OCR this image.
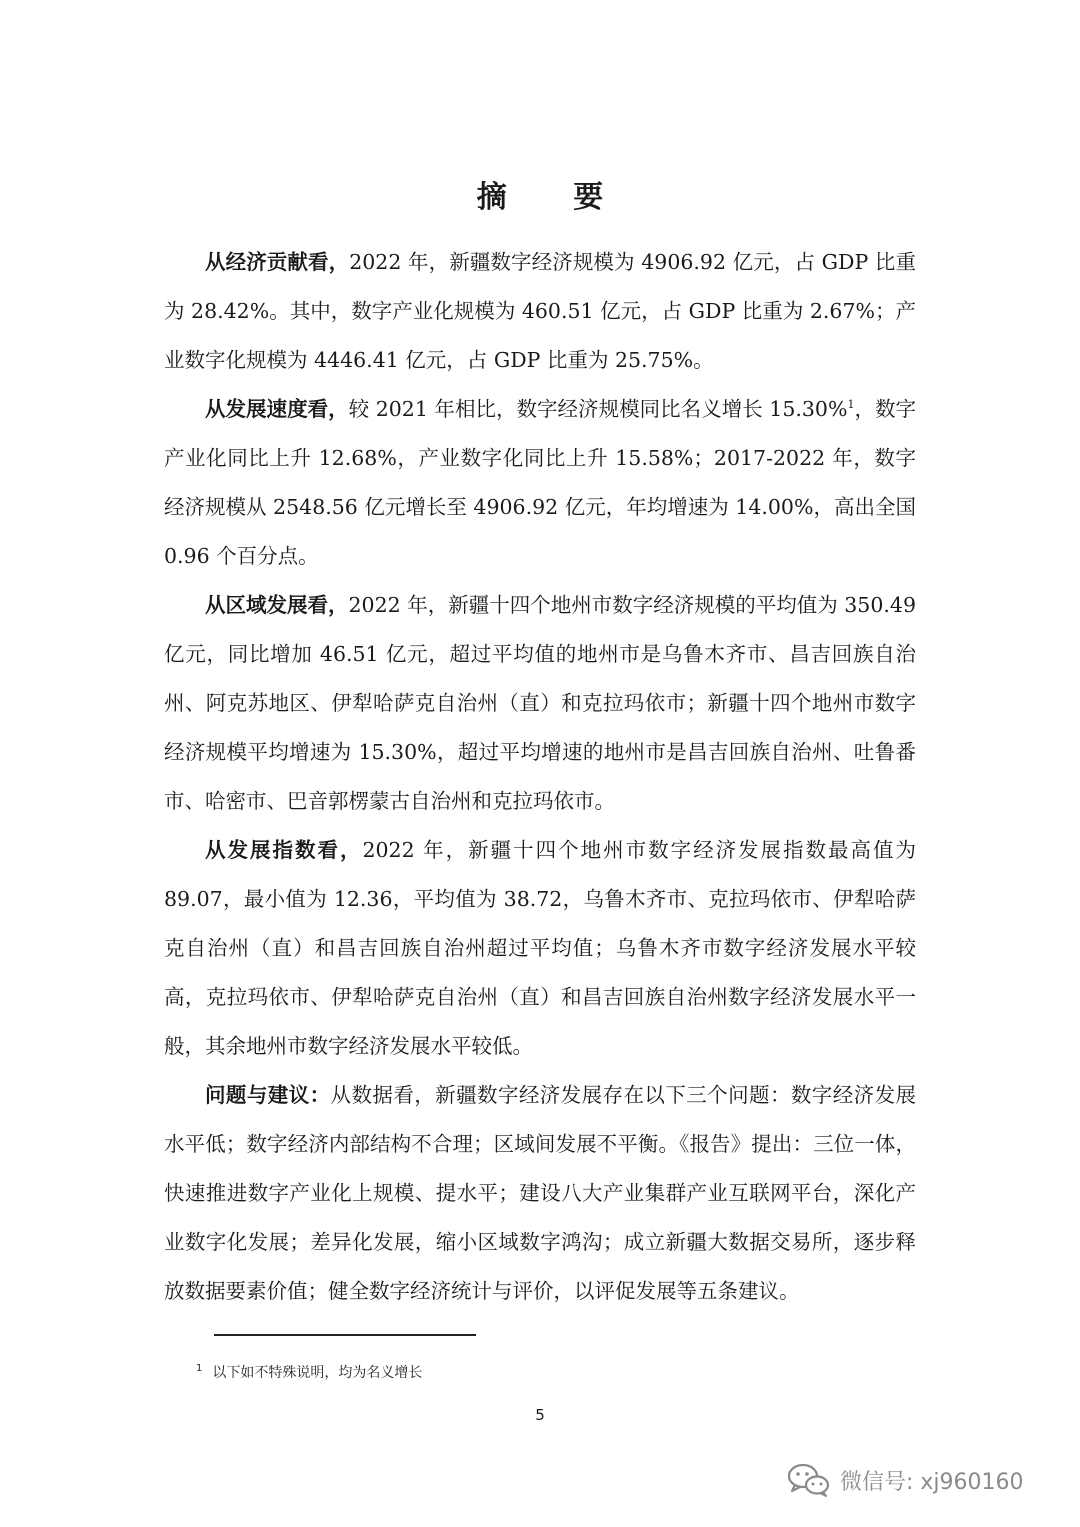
摘 要

从经济贡献看，2022 年，新疆数字经济规模为 4906.92 亿元，占 GDP 比重为 28.42%。其中，数字产业化规模为 460.51 亿元，占 GDP 比重为 2.67%；产业数字化规模为 4446.41 亿元，占 GDP 比重为 25.75%。

从发展速度看，较 2021 年相比，数字经济规模同比名义增长 15.30%$^1$，数字产业化同比上升 12.68%，产业数字化同比上升 15.58%；2017-2022 年，数字经济规模从 2548.56 亿元增长至 4906.92 亿元，年均增速为 14.00%，高出全国 0.96 个百分点。

从区域发展看，2022 年，新疆十四个地州市数字经济规模的平均值为 350.49 亿元，同比增加 46.51 亿元，超过平均值的地州市是乌鲁木齐市、昌吉回族自治州、阿克苏地区、伊犁哈萨克自治州（直）和克拉玛依市；新疆十四个地州市数字经济规模平均增速为 15.30%，超过平均增速的地州市是昌吉回族自治州、吐鲁番市、哈密市、巴音郭楞蒙古自治州和克拉玛依市。

从发展指数看，2022 年，新疆十四个地州市数字经济发展指数最高值为 89.07，最小值为 12.36，平均值为 38.72，乌鲁木齐市、克拉玛依市、伊犁哈萨克自治州（直）和昌吉回族自治州超过平均值；乌鲁木齐市数字经济发展水平较高，克拉玛依市、伊犁哈萨克自治州（直）和昌吉回族自治州数字经济发展水平一般，其余地州市数字经济发展水平较低。

问题与建议：从数据看，新疆数字经济发展存在以下三个问题：数字经济发展水平低；数字经济内部结构不合理；区域间发展不平衡。《报告》提出：三位一体，快速推进数字产业化上规模、提水平；建设八大产业集群产业互联网平台，深化产业数字化发展；差异化发展，缩小区域数字鸿沟；成立新疆大数据交易所，逐步释放数据要素价值；健全数字经济统计与评价，以评促发展等五条建议。

$^1$ 以下如不特殊说明，均为名义增长
5
微信号: xj960160
